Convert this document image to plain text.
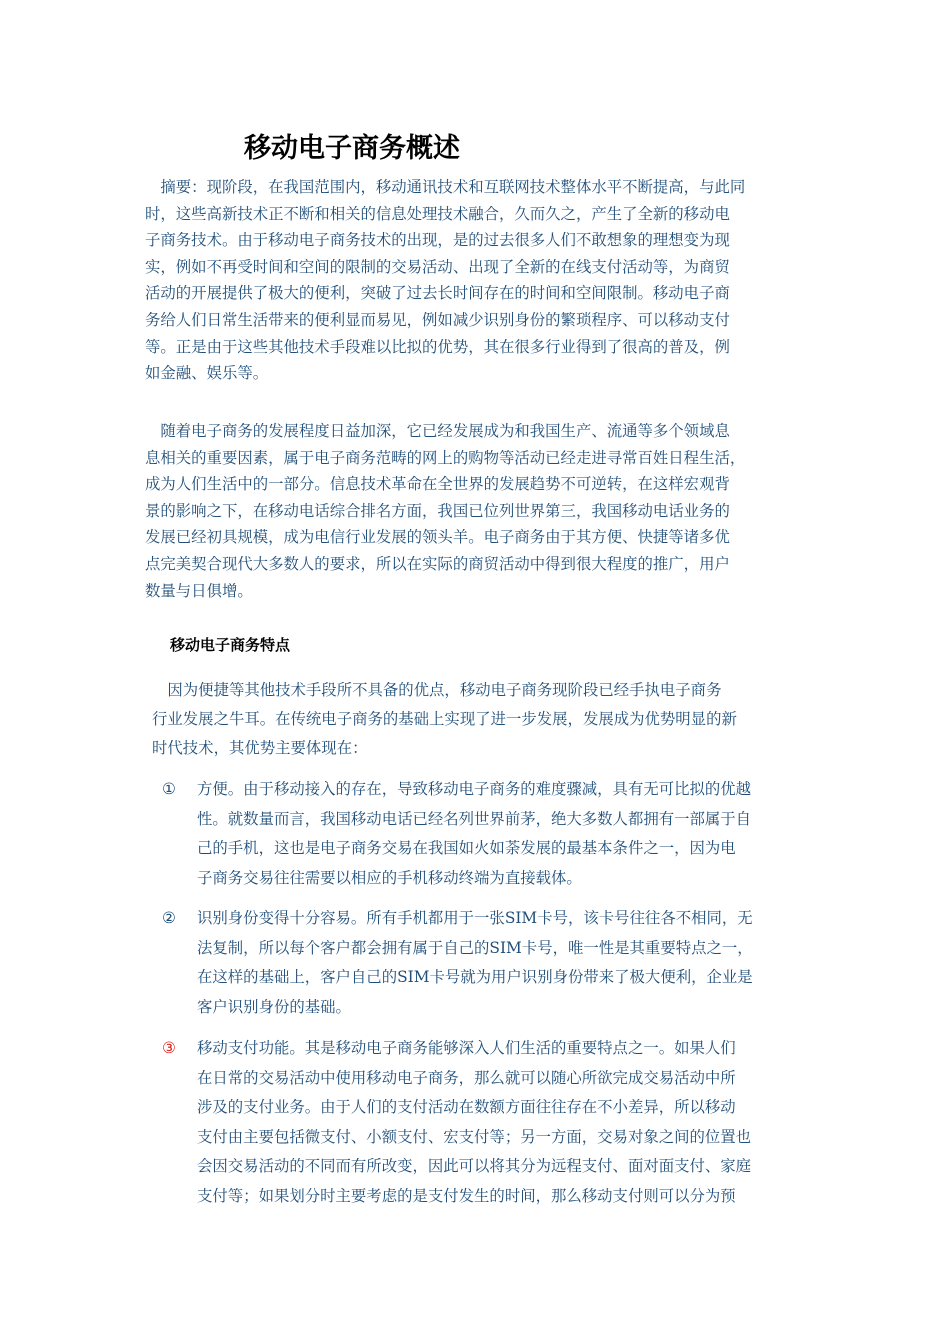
移动电子商务概述
　摘要：现阶段，在我国范围内，移动通讯技术和互联网技术整体水平不断提高，与此同
时，这些高新技术正不断和相关的信息处理技术融合，久而久之，产生了全新的移动电
子商务技术。由于移动电子商务技术的出现，是的过去很多人们不敢想象的理想变为现
实，例如不再受时间和空间的限制的交易活动、出现了全新的在线支付活动等，为商贸
活动的开展提供了极大的便利，突破了过去长时间存在的时间和空间限制。移动电子商
务给人们日常生活带来的便利显而易见，例如减少识别身份的繁琐程序、可以移动支付
等。正是由于这些其他技术手段难以比拟的优势，其在很多行业得到了很高的普及，例
如金融、娱乐等。
　随着电子商务的发展程度日益加深，它已经发展成为和我国生产、流通等多个领域息
息相关的重要因素，属于电子商务范畴的网上的购物等活动已经走进寻常百姓日程生活，
成为人们生活中的一部分。信息技术革命在全世界的发展趋势不可逆转，在这样宏观背
景的影响之下，在移动电话综合排名方面，我国已位列世界第三，我国移动电话业务的
发展已经初具规模，成为电信行业发展的领头羊。电子商务由于其方便、快捷等诸多优
点完美契合现代大多数人的要求，所以在实际的商贸活动中得到很大程度的推广，用户
数量与日俱增。
移动电子商务特点
　因为便捷等其他技术手段所不具备的优点，移动电子商务现阶段已经手执电子商务
行业发展之牛耳。在传统电子商务的基础上实现了进一步发展，发展成为优势明显的新
时代技术，其优势主要体现在：
①	方便。由于移动接入的存在，导致移动电子商务的难度骤减，具有无可比拟的优越
性。就数量而言，我国移动电话已经名列世界前茅，绝大多数人都拥有一部属于自
己的手机，这也是电子商务交易在我国如火如荼发展的最基本条件之一，因为电
子商务交易往往需要以相应的手机移动终端为直接载体。
②	识别身份变得十分容易。所有手机都用于一张SIM卡号，该卡号往往各不相同，无
法复制，所以每个客户都会拥有属于自己的SIM卡号，唯一性是其重要特点之一，
在这样的基础上，客户自己的SIM卡号就为用户识别身份带来了极大便利，企业是
客户识别身份的基础。
③	移动支付功能。其是移动电子商务能够深入人们生活的重要特点之一。如果人们
在日常的交易活动中使用移动电子商务，那么就可以随心所欲完成交易活动中所
涉及的支付业务。由于人们的支付活动在数额方面往往存在不小差异，所以移动
支付由主要包括微支付、小额支付、宏支付等；另一方面，交易对象之间的位置也
会因交易活动的不同而有所改变，因此可以将其分为远程支付、面对面支付、家庭
支付等；如果划分时主要考虑的是支付发生的时间，那么移动支付则可以分为预
